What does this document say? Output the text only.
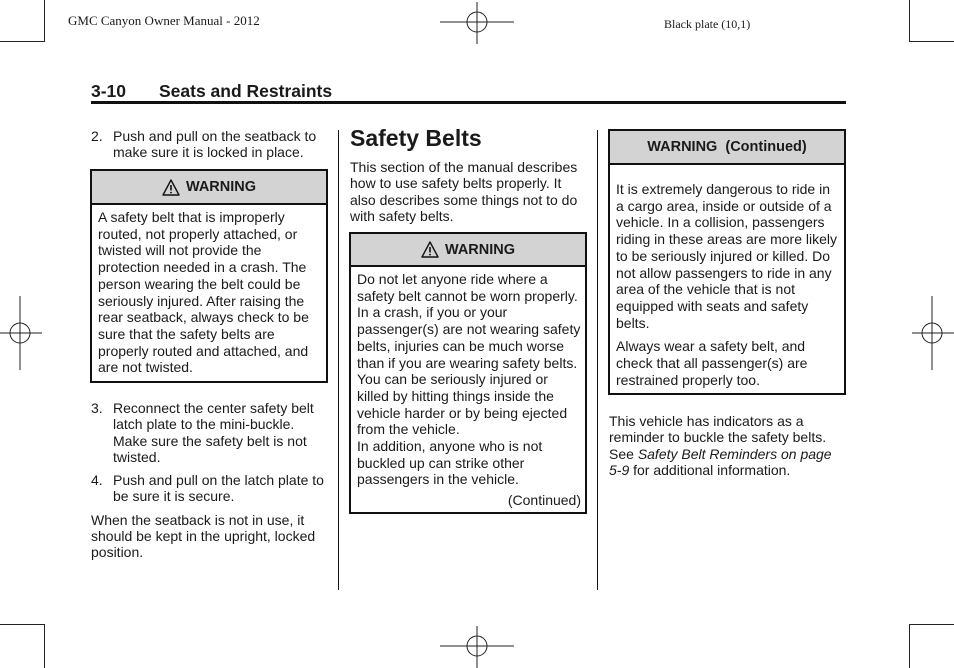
GMC Canyon Owner Manual - 2012	Black plate (10,1)
3-10 Seats and Restraints
2. Push and pull on the seatback to make sure it is locked in place.
WARNING
A safety belt that is improperly routed, not properly attached, or twisted will not provide the protection needed in a crash. The person wearing the belt could be seriously injured. After raising the rear seatback, always check to be sure that the safety belts are properly routed and attached, and are not twisted.
3. Reconnect the center safety belt latch plate to the mini-buckle. Make sure the safety belt is not twisted.
4. Push and pull on the latch plate to be sure it is secure.

When the seatback is not in use, it should be kept in the upright, locked position.

Safety Belts
This section of the manual describes how to use safety belts properly. It also describes some things not to do with safety belts.
WARNING

Do not let anyone ride where a safety belt cannot be worn properly. In a crash, if you or your passenger(s) are not wearing safety belts, injuries can be much worse than if you are wearing safety belts. You can be seriously injured or killed by hitting things inside the vehicle harder or by being ejected from the vehicle.

In addition, anyone who is not buckled up can strike other passengers in the vehicle.

(Continued)

WARNING  (Continued)

It is extremely dangerous to ride in a cargo area, inside or outside of a vehicle. In a collision, passengers riding in these areas are more likely to be seriously injured or killed. Do not allow passengers to ride in any area of the vehicle that is not equipped with seats and safety belts.

Always wear a safety belt, and check that all passenger(s) are restrained properly too.

This vehicle has indicators as a reminder to buckle the safety belts. See Safety Belt Reminders on page 5-9 for additional information.
